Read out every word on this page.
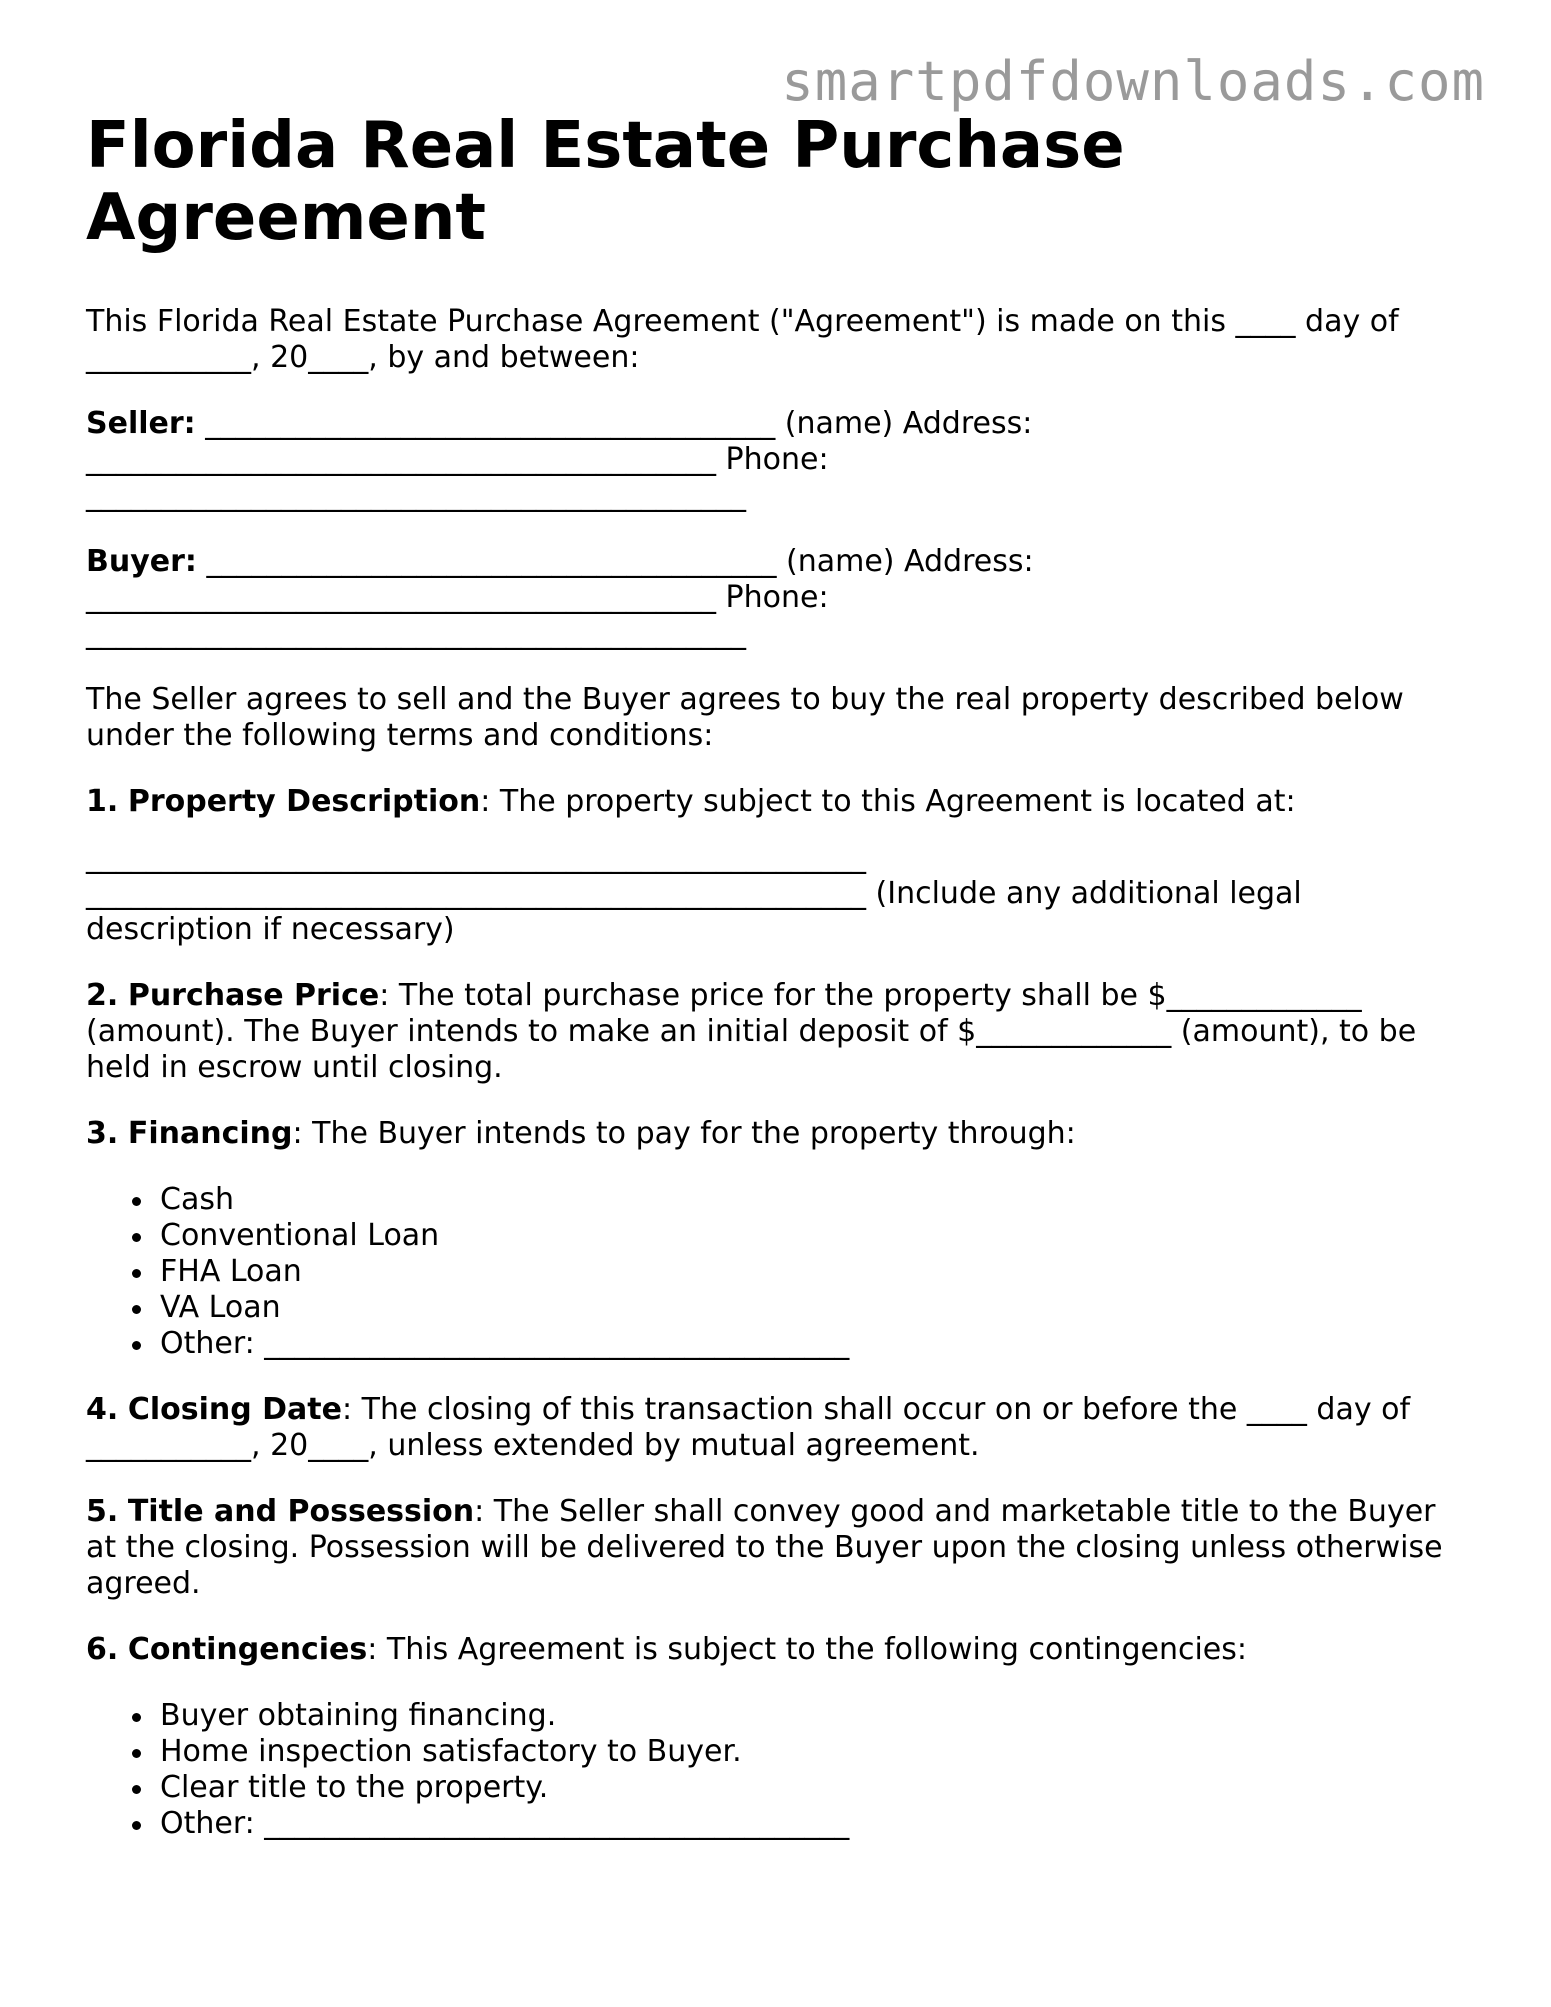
smartpdfdownloads.com
Florida Real Estate Purchase Agreement
This Florida Real Estate Purchase Agreement ("Agreement") is made on this ____ day of
___________, 20____, by and between:
Seller: ______________________________________ (name) Address:
__________________________________________ Phone:
____________________________________________
Buyer: ______________________________________ (name) Address:
__________________________________________ Phone:
____________________________________________
The Seller agrees to sell and the Buyer agrees to buy the real property described below
under the following terms and conditions:
1. Property Description: The property subject to this Agreement is located at:
____________________________________________________
____________________________________________________ (Include any additional legal
description if necessary)
2. Purchase Price: The total purchase price for the property shall be $_____________
(amount). The Buyer intends to make an initial deposit of $_____________ (amount), to be
held in escrow until closing.
3. Financing: The Buyer intends to pay for the property through:
Cash
Conventional Loan
FHA Loan
VA Loan
Other: _______________________________________
4. Closing Date: The closing of this transaction shall occur on or before the ____ day of
___________, 20____, unless extended by mutual agreement.
5. Title and Possession: The Seller shall convey good and marketable title to the Buyer
at the closing. Possession will be delivered to the Buyer upon the closing unless otherwise
agreed.
6. Contingencies: This Agreement is subject to the following contingencies:
Buyer obtaining financing.
Home inspection satisfactory to Buyer.
Clear title to the property.
Other: _______________________________________
